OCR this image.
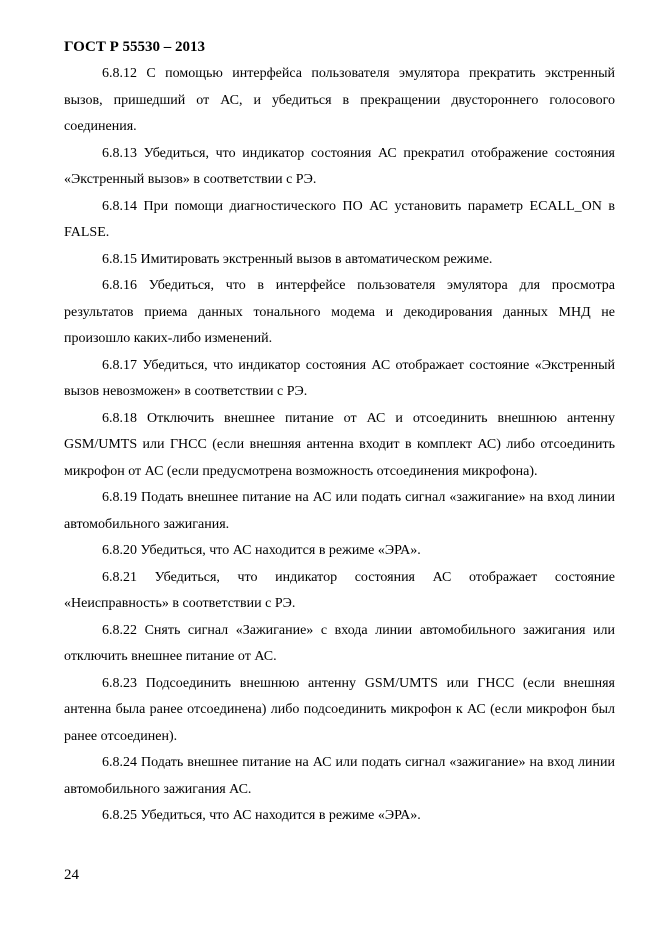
ГОСТ Р 55530 – 2013

6.8.12 С помощью интерфейса пользователя эмулятора прекратить экстренный вызов, пришедший от АС, и убедиться в прекращении двустороннего голосового соединения.

6.8.13 Убедиться, что индикатор состояния АС прекратил отображение состояния «Экстренный вызов» в соответствии с РЭ.

6.8.14 При помощи диагностического ПО АС установить параметр ECALL_ON в FALSE.

6.8.15 Имитировать экстренный вызов в автоматическом режиме.

6.8.16 Убедиться, что в интерфейсе пользователя эмулятора для просмотра результатов приема данных тонального модема и декодирования данных МНД не произошло каких-либо изменений.

6.8.17 Убедиться, что индикатор состояния АС отображает состояние «Экстренный вызов невозможен» в соответствии с РЭ.

6.8.18 Отключить внешнее питание от АС и отсоединить внешнюю антенну GSM/UMTS или ГНСС (если внешняя антенна входит в комплект АС) либо отсоединить микрофон от АС (если предусмотрена возможность отсоединения микрофона).

6.8.19 Подать внешнее питание на АС или подать сигнал «зажигание» на вход линии автомобильного зажигания.

6.8.20 Убедиться, что АС находится в режиме «ЭРА».

6.8.21 Убедиться, что индикатор состояния АС отображает состояние «Неисправность» в соответствии с РЭ.

6.8.22 Снять сигнал «Зажигание» с входа линии автомобильного зажигания или отключить внешнее питание от АС.

6.8.23 Подсоединить внешнюю антенну GSM/UMTS или ГНСС (если внешняя антенна была ранее отсоединена) либо подсоединить микрофон к АС (если микрофон был ранее отсоединен).

6.8.24 Подать внешнее питание на АС или подать сигнал «зажигание» на вход линии автомобильного зажигания АС.

6.8.25 Убедиться, что АС находится в режиме «ЭРА».

24
